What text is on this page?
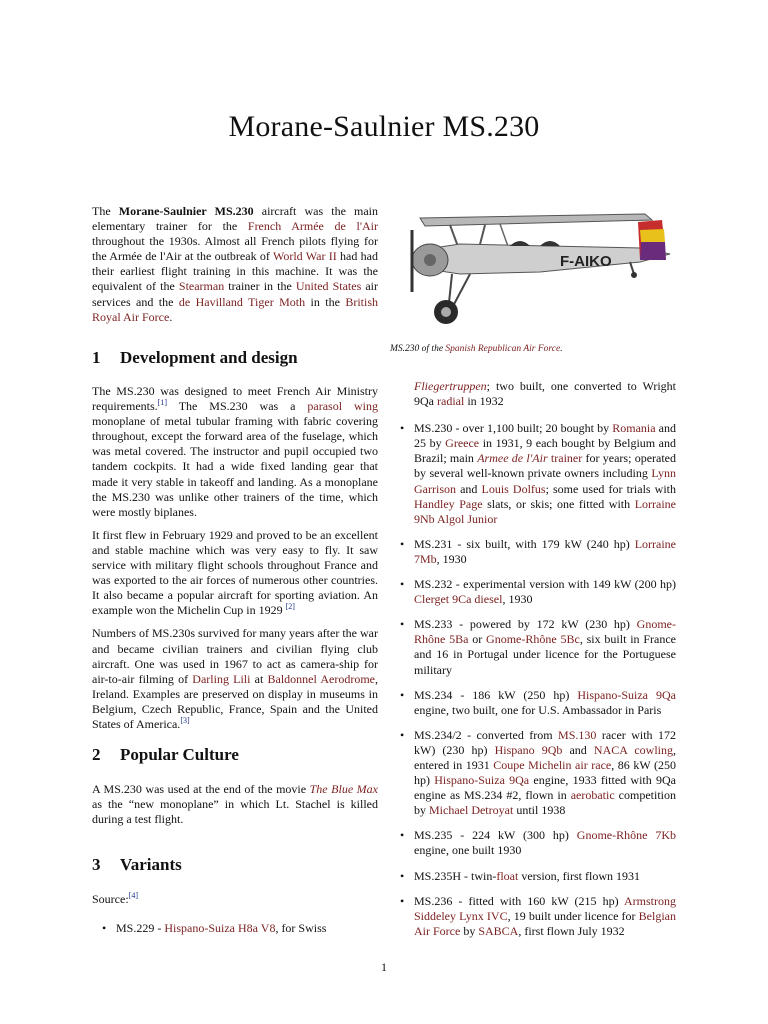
Morane-Saulnier MS.230
F-AIKO
MS.230 of the Spanish Republican Air Force.

The Morane-Saulnier MS.230 aircraft was the main elementary trainer for the French Armée de l'Air throughout the 1930s. Almost all French pilots flying for the Armée de l'Air at the outbreak of World War II had had their earliest flight training in this machine. It was the equivalent of the Stearman trainer in the United States air services and the de Havilland Tiger Moth in the British Royal Air Force.

1 Development and design

The MS.230 was designed to meet French Air Ministry requirements.[1] The MS.230 was a parasol wing monoplane of metal tubular framing with fabric covering throughout, except the forward area of the fuselage, which was metal covered. The instructor and pupil occupied two tandem cockpits. It had a wide fixed landing gear that made it very stable in takeoff and landing. As a monoplane the MS.230 was unlike other trainers of the time, which were mostly biplanes.

It first flew in February 1929 and proved to be an excellent and stable machine which was very easy to fly. It saw service with military flight schools throughout France and was exported to the air forces of numerous other countries. It also became a popular aircraft for sporting aviation. An example won the Michelin Cup in 1929 [2]

Numbers of MS.230s survived for many years after the war and became civilian trainers and civilian flying club aircraft. One was used in 1967 to act as camera-ship for air-to-air filming of Darling Lili at Baldonnel Aerodrome, Ireland. Examples are preserved on display in museums in Belgium, Czech Republic, France, Spain and the United States of America.[3]

2 Popular Culture

A MS.230 was used at the end of the movie The Blue Max as the “new monoplane” in which Lt. Stachel is killed during a test flight.

3 Variants

Source:[4]

• MS.229 - Hispano-Suiza H8a V8, for Swiss
Fliegertruppen; two built, one converted to Wright 9Qa radial in 1932
• MS.230 - over 1,100 built; 20 bought by Romania and 25 by Greece in 1931, 9 each bought by Belgium and Brazil; main Armee de l'Air trainer for years; operated by several well-known private owners including Lynn Garrison and Louis Dolfus; some used for trials with Handley Page slats, or skis; one fitted with Lorraine 9Nb Algol Junior
• MS.231 - six built, with 179 kW (240 hp) Lorraine 7Mb, 1930
• MS.232 - experimental version with 149 kW (200 hp) Clerget 9Ca diesel, 1930
• MS.233 - powered by 172 kW (230 hp) Gnome-Rhône 5Ba or Gnome-Rhône 5Bc, six built in France and 16 in Portugal under licence for the Portuguese military
• MS.234 - 186 kW (250 hp) Hispano-Suiza 9Qa engine, two built, one for U.S. Ambassador in Paris
• MS.234/2 - converted from MS.130 racer with 172 kW) (230 hp) Hispano 9Qb and NACA cowling, entered in 1931 Coupe Michelin air race, 86 kW (250 hp) Hispano-Suiza 9Qa engine, 1933 fitted with 9Qa engine as MS.234 #2, flown in aerobatic competition by Michael Detroyat until 1938
• MS.235 - 224 kW (300 hp) Gnome-Rhône 7Kb engine, one built 1930
• MS.235H - twin-float version, first flown 1931
• MS.236 - fitted with 160 kW (215 hp) Armstrong Siddeley Lynx IVC, 19 built under licence for Belgian Air Force by SABCA, first flown July 1932
1
